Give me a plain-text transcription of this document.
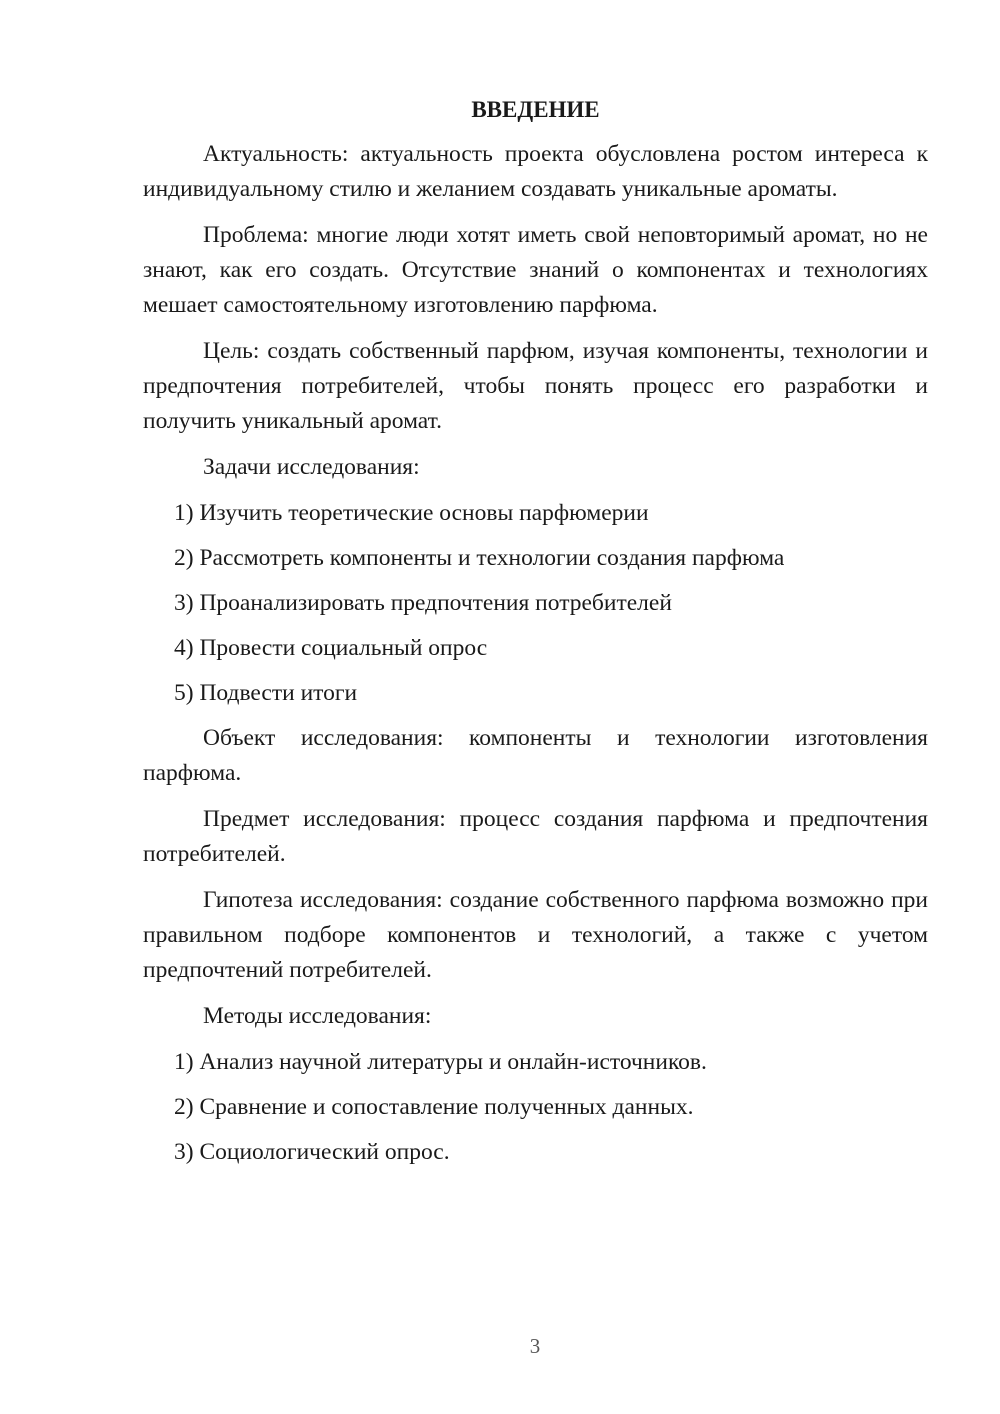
ВВЕДЕНИЕ

Актуальность: актуальность проекта обусловлена ростом интереса к индивидуальному стилю и желанием создавать уникальные ароматы.

Проблема: многие люди хотят иметь свой неповторимый аромат, но не знают, как его создать. Отсутствие знаний о компонентах и технологиях мешает самостоятельному изготовлению парфюма.

Цель: создать собственный парфюм, изучая компоненты, технологии и предпочтения потребителей, чтобы понять процесс его разработки и получить уникальный аромат.

Задачи исследования:

1) Изучить теоретические основы парфюмерии
2) Рассмотреть компоненты и технологии создания парфюма
3) Проанализировать предпочтения потребителей
4) Провести социальный опрос
5) Подвести итоги

Объект исследования: компоненты и технологии изготовления парфюма.

Предмет исследования: процесс создания парфюма и предпочтения потребителей.

Гипотеза исследования: создание собственного парфюма возможно при правильном подборе компонентов и технологий, а также с учетом предпочтений потребителей.

Методы исследования:

1) Анализ научной литературы и онлайн-источников.
2) Сравнение и сопоставление полученных данных.
3) Социологический опрос.
3
